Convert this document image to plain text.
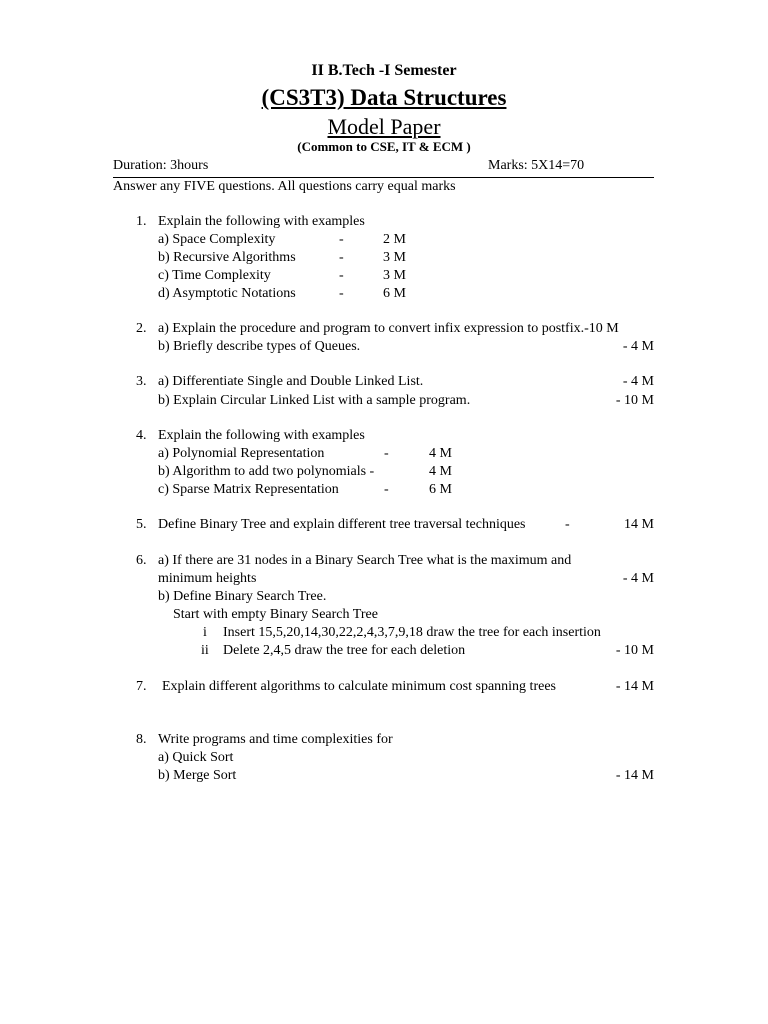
II B.Tech -I Semester
(CS3T3) Data Structures
Model Paper
(Common to CSE, IT & ECM )
Duration: 3hours	Marks: 5X14=70
Answer any FIVE questions. All questions carry equal marks
1. Explain the following with examples
a) Space Complexity	-	2 M
b) Recursive Algorithms	-	3 M
c) Time Complexity	-	3 M
d) Asymptotic Notations	-	6 M
2. a) Explain the procedure and program to convert infix expression to postfix.-10 M
b) Briefly describe types of Queues.	- 4 M
3. a) Differentiate Single and Double Linked List.	- 4 M
b) Explain Circular Linked List with a sample program.	- 10 M
4. Explain the following with examples
a) Polynomial Representation	-	4 M
b) Algorithm to add two polynomials -	4 M
c) Sparse Matrix Representation	-	6 M
5. Define Binary Tree and explain different tree traversal techniques	-	14 M
6. a) If there are 31 nodes in a Binary Search Tree what is the maximum and
minimum heights	- 4 M
b) Define Binary Search Tree.
Start with empty Binary Search Tree
i Insert 15,5,20,14,30,22,2,4,3,7,9,18 draw the tree for each insertion
ii Delete 2,4,5 draw the tree for each deletion	- 10 M
7. Explain different algorithms to calculate minimum cost spanning trees	- 14 M
8. Write programs and time complexities for
a) Quick Sort
b) Merge Sort	- 14 M
